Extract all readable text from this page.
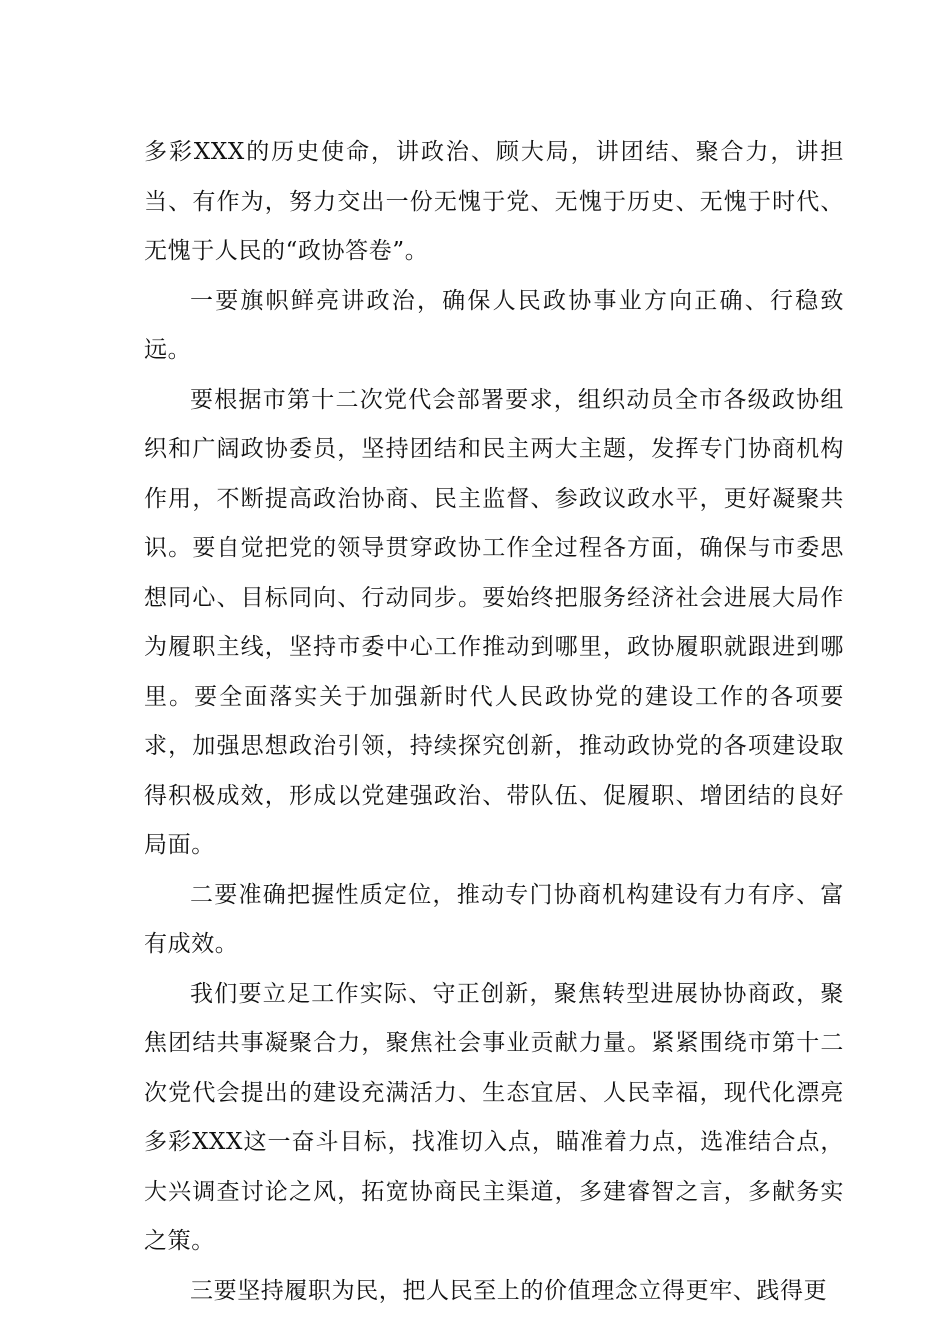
多彩XXX的历史使命，讲政治、顾大局，讲团结、聚合力，讲担当、有作为，努力交出一份无愧于党、无愧于历史、无愧于时代、无愧于人民的“政协答卷”。

一要旗帜鲜亮讲政治，确保人民政协事业方向正确、行稳致远。

要根据市第十二次党代会部署要求，组织动员全市各级政协组织和广阔政协委员，坚持团结和民主两大主题，发挥专门协商机构作用，不断提高政治协商、民主监督、参政议政水平，更好凝聚共识。要自觉把党的领导贯穿政协工作全过程各方面，确保与市委思想同心、目标同向、行动同步。要始终把服务经济社会进展大局作为履职主线，坚持市委中心工作推动到哪里，政协履职就跟进到哪里。要全面落实关于加强新时代人民政协党的建设工作的各项要求，加强思想政治引领，持续探究创新，推动政协党的各项建设取得积极成效，形成以党建强政治、带队伍、促履职、增团结的良好局面。

二要准确把握性质定位，推动专门协商机构建设有力有序、富有成效。

我们要立足工作实际、守正创新，聚焦转型进展协协商政，聚焦团结共事凝聚合力，聚焦社会事业贡献力量。紧紧围绕市第十二次党代会提出的建设充满活力、生态宜居、人民幸福，现代化漂亮多彩XXX这一奋斗目标，找准切入点，瞄准着力点，选准结合点，大兴调查讨论之风，拓宽协商民主渠道，多建睿智之言，多献务实之策。

三要坚持履职为民，把人民至上的价值理念立得更牢、践得更
